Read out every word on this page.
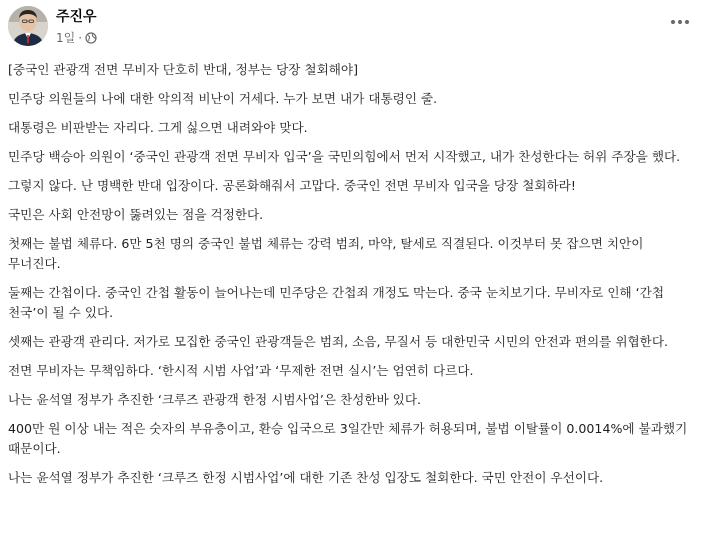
주진우
1일 ·

[중국인 관광객 전면 무비자 단호히 반대, 정부는 당장 철회해야]

민주당 의원들의 나에 대한 악의적 비난이 거세다. 누가 보면 내가 대통령인 줄.

대통령은 비판받는 자리다. 그게 싫으면 내려와야 맞다.

민주당 백승아 의원이 ‘중국인 관광객 전면 무비자 입국’을 국민의힘에서 먼저 시작했고, 내가 찬성한다는 허위 주장을 했다.

그렇지 않다. 난 명백한 반대 입장이다. 공론화해줘서 고맙다. 중국인 전면 무비자 입국을 당장 철회하라!

국민은 사회 안전망이 뚫려있는 점을 걱정한다.

첫째는 불법 체류다. 6만 5천 명의 중국인 불법 체류는 강력 범죄, 마약, 탈세로 직결된다. 이것부터 못 잡으면 치안이 무너진다.

둘째는 간첩이다. 중국인 간첩 활동이 늘어나는데 민주당은 간첩죄 개정도 막는다. 중국 눈치보기다. 무비자로 인해 ‘간첩 천국’이 될 수 있다.

셋째는 관광객 관리다. 저가로 모집한 중국인 관광객들은 범죄, 소음, 무질서 등 대한민국 시민의 안전과 편의를 위협한다.

전면 무비자는 무책임하다. ‘한시적 시범 사업’과 ‘무제한 전면 실시’는 엄연히 다르다.

나는 윤석열 정부가 추진한 ‘크루즈 관광객 한정 시범사업’은 찬성한바 있다.

400만 원 이상 내는 적은 숫자의 부유층이고, 환승 입국으로 3일간만 체류가 허용되며, 불법 이탈률이 0.0014%에 불과했기 때문이다.

나는 윤석열 정부가 추진한 ‘크루즈 한정 시범사업’에 대한 기존 찬성 입장도 철회한다. 국민 안전이 우선이다.
